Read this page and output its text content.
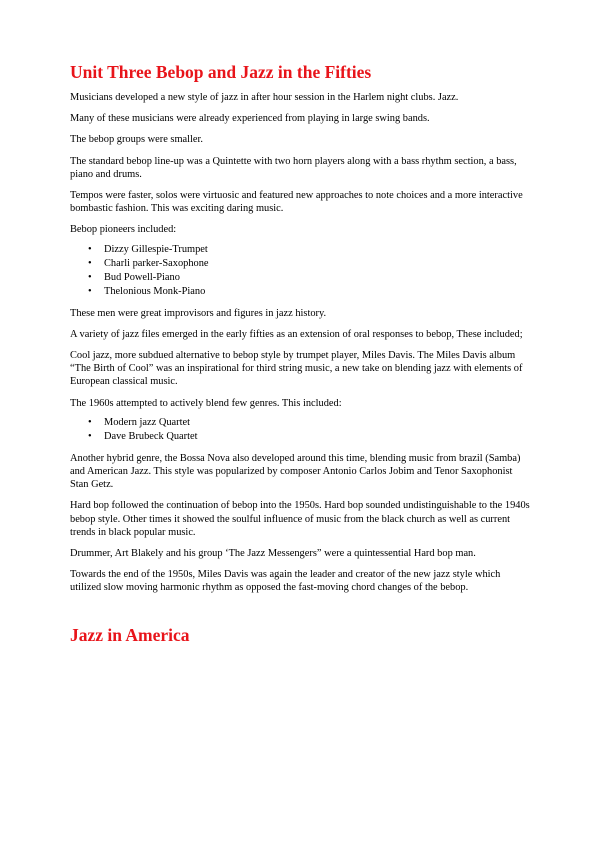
Unit Three Bebop and Jazz in the Fifties

Musicians developed a new style of jazz in after hour session in the Harlem night clubs. Jazz.

Many of these musicians were already experienced from playing in large swing bands.

The bebop groups were smaller.

The standard bebop line-up was a Quintette with two horn players along with a bass rhythm section, a bass, piano and drums.

Tempos were faster, solos were virtuosic and featured new approaches to note choices and a more interactive bombastic fashion. This was exciting daring music.

Bebop pioneers included:

• Dizzy Gillespie-Trumpet
• Charli parker-Saxophone
• Bud Powell-Piano
• Thelonious Monk-Piano

These men were great improvisors and figures in jazz history.

A variety of jazz files emerged in the early fifties as an extension of oral responses to bebop, These included;

Cool jazz, more subdued alternative to bebop style by trumpet player, Miles Davis. The Miles Davis album “The Birth of Cool” was an inspirational for third string music, a new take on blending jazz with elements of European classical music.

The 1960s attempted to actively blend few genres. This included:

• Modern jazz Quartet
• Dave Brubeck Quartet

Another hybrid genre, the Bossa Nova also developed around this time, blending music from brazil (Samba) and American Jazz. This style was popularized by composer Antonio Carlos Jobim and Tenor Saxophonist Stan Getz.

Hard bop followed the continuation of bebop into the 1950s. Hard bop sounded undistinguishable to the 1940s bebop style. Other times it showed the soulful influence of music from the black church as well as current trends in black popular music.

Drummer, Art Blakely and his group ‘The Jazz Messengers” were a quintessential Hard bop man.

Towards the end of the 1950s, Miles Davis was again the leader and creator of the new jazz style which utilized slow moving harmonic rhythm as opposed the fast-moving chord changes of the bebop.

Jazz in America
